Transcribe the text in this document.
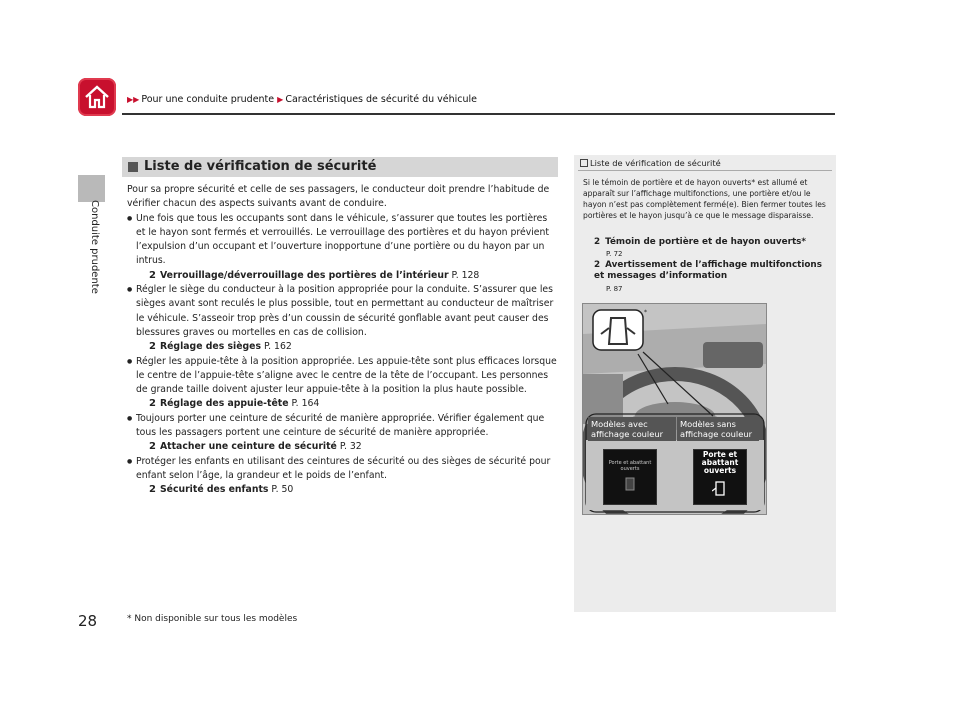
▶▶ Pour une conduite prudente ▶ Caractéristiques de sécurité du véhicule
Conduite prudente
Liste de vérification de sécurité

Pour sa propre sécurité et celle de ses passagers, le conducteur doit prendre l’habitude de vérifier chacun des aspects suivants avant de conduire.

● Une fois que tous les occupants sont dans le véhicule, s’assurer que toutes les portières et le hayon sont fermés et verrouillés. Le verrouillage des portières et du hayon prévient l’expulsion d’un occupant et l’ouverture inopportune d’une portière ou du hayon par un intrus.

2 Verrouillage/déverrouillage des portières de l’intérieur P. 128

● Régler le siège du conducteur à la position appropriée pour la conduite. S’assurer que les sièges avant sont reculés le plus possible, tout en permettant au conducteur de maîtriser le véhicule. S’asseoir trop près d’un coussin de sécurité gonflable avant peut causer des blessures graves ou mortelles en cas de collision.

2 Réglage des sièges P. 162

● Régler les appuie-tête à la position appropriée. Les appuie-tête sont plus efficaces lorsque le centre de l’appuie-tête s’aligne avec le centre de la tête de l’occupant. Les personnes de grande taille doivent ajuster leur appuie-tête à la position la plus haute possible.

2 Réglage des appuie-tête P. 164

● Toujours porter une ceinture de sécurité de manière appropriée. Vérifier également que tous les passagers portent une ceinture de sécurité de manière appropriée.

2 Attacher une ceinture de sécurité P. 32

● Protéger les enfants en utilisant des ceintures de sécurité ou des sièges de sécurité pour enfant selon l’âge, la grandeur et le poids de l’enfant.

2 Sécurité des enfants P. 50

Liste de vérification de sécurité
Si le témoin de portière et de hayon ouverts* est allumé et apparaît sur l’affichage multifonctions, une portière et/ou le hayon n’est pas complètement fermé(e). Bien fermer toutes les portières et le hayon jusqu’à ce que le message disparaisse.
2 Témoin de portière et de hayon ouverts*
P. 72
2 Avertissement de l’affichage multifonctions et messages d’information
P. 87
*
Modèles avec affichage couleur
Modèles sans affichage couleur
Porte et abattant ouverts
Porte et abattant ouverts
28	* Non disponible sur tous les modèles
